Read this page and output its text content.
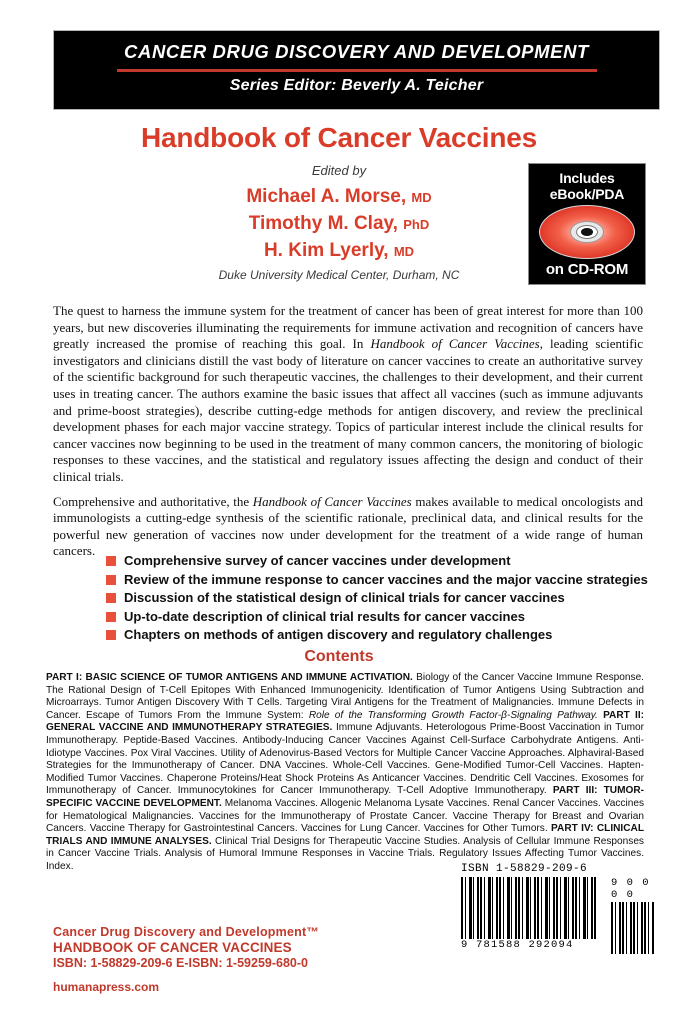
CANCER DRUG DISCOVERY AND DEVELOPMENT
Series Editor: Beverly A. Teicher
Handbook of Cancer Vaccines
Edited by
Michael A. Morse, MD
Timothy M. Clay, PhD
H. Kim Lyerly, MD
Duke University Medical Center, Durham, NC
Includes
eBook/PDA
on CD-ROM

The quest to harness the immune system for the treatment of cancer has been of great interest for more than 100 years, but new discoveries illuminating the requirements for immune activation and recognition of cancers have greatly increased the promise of reaching this goal. In Handbook of Cancer Vaccines, leading scientific investigators and clinicians distill the vast body of literature on cancer vaccines to create an authoritative survey of the scientific background for such therapeutic vaccines, the challenges to their development, and their current uses in treating cancer. The authors examine the basic issues that affect all vaccines (such as immune adjuvants and prime-boost strategies), describe cutting-edge methods for antigen discovery, and review the preclinical development phases for each major vaccine strategy. Topics of particular interest include the clinical results for cancer vaccines now beginning to be used in the treatment of many common cancers, the monitoring of biologic responses to these vaccines, and the statistical and regulatory issues affecting the design and conduct of their clinical trials.

Comprehensive and authoritative, the Handbook of Cancer Vaccines makes available to medical oncologists and immunologists a cutting-edge synthesis of the scientific rationale, preclinical data, and clinical results for the powerful new generation of vaccines now under development for the treatment of a wide range of human cancers.

Comprehensive survey of cancer vaccines under development
Review of the immune response to cancer vaccines and the major vaccine strategies
Discussion of the statistical design of clinical trials for cancer vaccines
Up-to-date description of clinical trial results for cancer vaccines
Chapters on methods of antigen discovery and regulatory challenges
Contents

PART I: BASIC SCIENCE OF TUMOR ANTIGENS AND IMMUNE ACTIVATION. Biology of the Cancer Vaccine Immune Response. The Rational Design of T-Cell Epitopes With Enhanced Immunogenicity. Identification of Tumor Antigens Using Subtraction and Microarrays. Tumor Antigen Discovery With T Cells. Targeting Viral Antigens for the Treatment of Malignancies. Immune Defects in Cancer. Escape of Tumors From the Immune System: Role of the Transforming Growth Factor-β-Signaling Pathway. PART II: GENERAL VACCINE AND IMMUNOTHERAPY STRATEGIES. Immune Adjuvants. Heterologous Prime-Boost Vaccination in Tumor Immunotherapy. Peptide-Based Vaccines. Antibody-Inducing Cancer Vaccines Against Cell-Surface Carbohydrate Antigens. Anti-Idiotype Vaccines. Pox Viral Vaccines. Utility of Adenovirus-Based Vectors for Multiple Cancer Vaccine Approaches. Alphaviral-Based Strategies for the Immunotherapy of Cancer. DNA Vaccines. Whole-Cell Vaccines. Gene-Modified Tumor-Cell Vaccines. Hapten-Modified Tumor Vaccines. Chaperone Proteins/Heat Shock Proteins As Anticancer Vaccines. Dendritic Cell Vaccines. Exosomes for Immunotherapy of Cancer. Immunocytokines for Cancer Immunotherapy. T-Cell Adoptive Immunotherapy. PART III: TUMOR-SPECIFIC VACCINE DEVELOPMENT. Melanoma Vaccines. Allogenic Melanoma Lysate Vaccines. Renal Cancer Vaccines. Vaccines for Hematological Malignancies. Vaccines for the Immunotherapy of Prostate Cancer. Vaccine Therapy for Breast and Ovarian Cancers. Vaccine Therapy for Gastrointestinal Cancers. Vaccines for Lung Cancer. Vaccines for Other Tumors. PART IV: CLINICAL TRIALS AND IMMUNE ANALYSES. Clinical Trial Designs for Therapeutic Vaccine Studies. Analysis of Cellular Immune Responses in Cancer Vaccine Trials. Analysis of Humoral Immune Responses in Vaccine Trials. Regulatory Issues Affecting Tumor Vaccines. Index.	ISBN 1-58829-209-6
9 781588 292094
9 0 0 0 0
Cancer Drug Discovery and Development™
HANDBOOK OF CANCER VACCINES
ISBN: 1-58829-209-6 E-ISBN: 1-59259-680-0
humanapress.com
